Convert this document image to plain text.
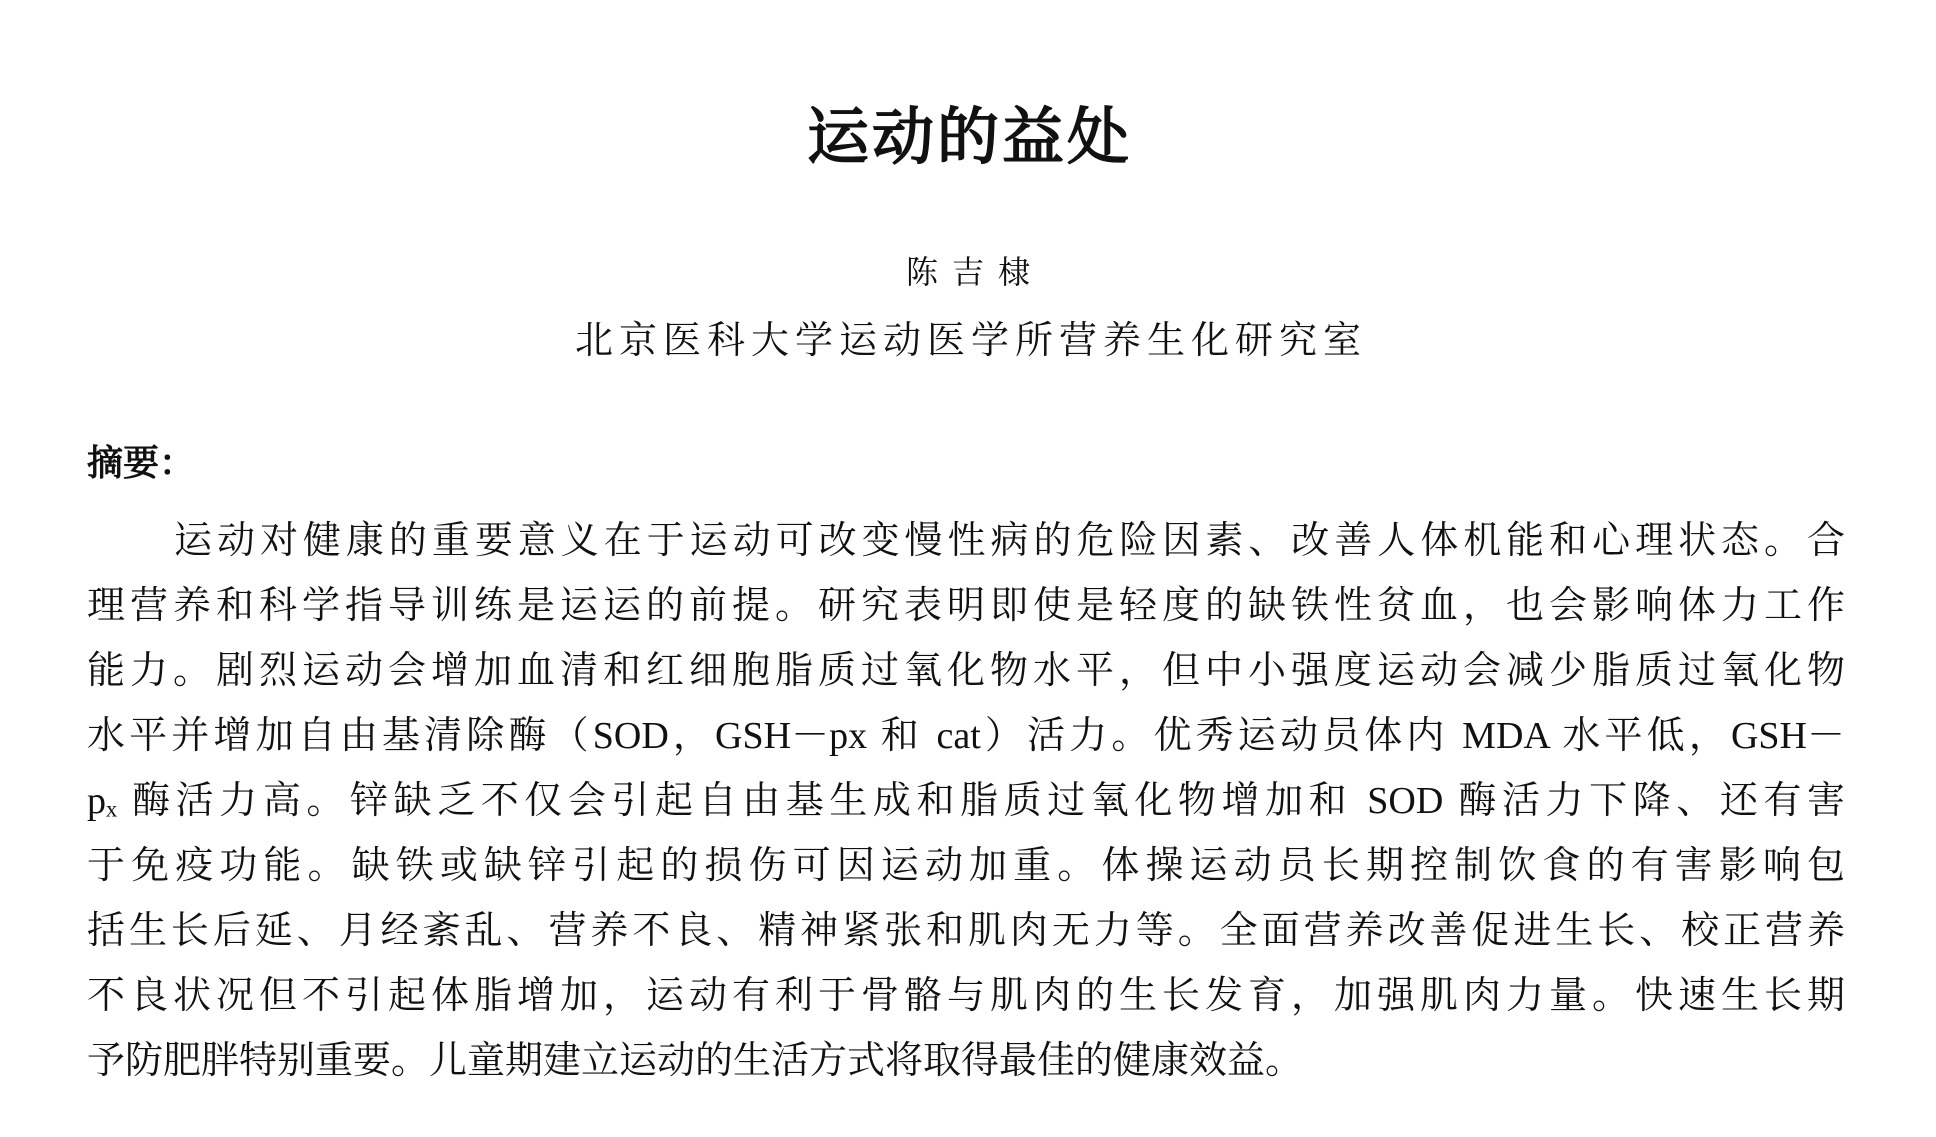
运动的益处
陈吉棣
北京医科大学运动医学所营养生化研究室
摘要：

运动对健康的重要意义在于运动可改变慢性病的危险因素、改善人体机能和心理状态。合

理营养和科学指导训练是运运的前提。研究表明即使是轻度的缺铁性贫血，也会影响体力工作

能力。剧烈运动会增加血清和红细胞脂质过氧化物水平，但中小强度运动会减少脂质过氧化物

水平并增加自由基清除酶（SOD，GSH－px 和 cat）活力。优秀运动员体内 MDA 水平低，GSH－

pₓ 酶活力高。锌缺乏不仅会引起自由基生成和脂质过氧化物增加和 SOD 酶活力下降、还有害

于免疫功能。缺铁或缺锌引起的损伤可因运动加重。体操运动员长期控制饮食的有害影响包

括生长后延、月经紊乱、营养不良、精神紧张和肌肉无力等。全面营养改善促进生长、校正营养

不良状况但不引起体脂增加，运动有利于骨骼与肌肉的生长发育，加强肌肉力量。快速生长期

予防肥胖特别重要。儿童期建立运动的生活方式将取得最佳的健康效益。
